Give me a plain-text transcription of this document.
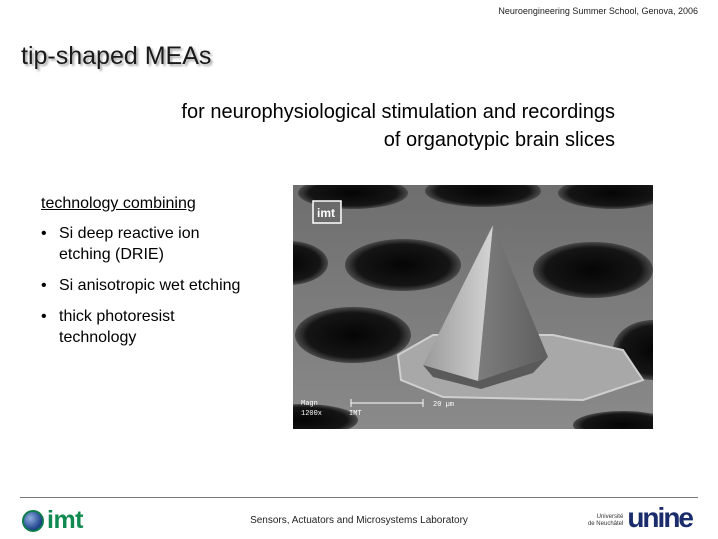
Neuroengineering Summer School, Genova, 2006
tip-shaped MEAs
for neurophysiological stimulation and recordings
of organotypic brain slices
technology combining
• Si deep reactive ion etching (DRIE)
• Si anisotropic wet etching
• thick photoresist technology
imt
Magn
1200x	IMT
20 µm
imt	Sensors, Actuators and Microsystems Laboratory	Université
de Neuchâtel unine
